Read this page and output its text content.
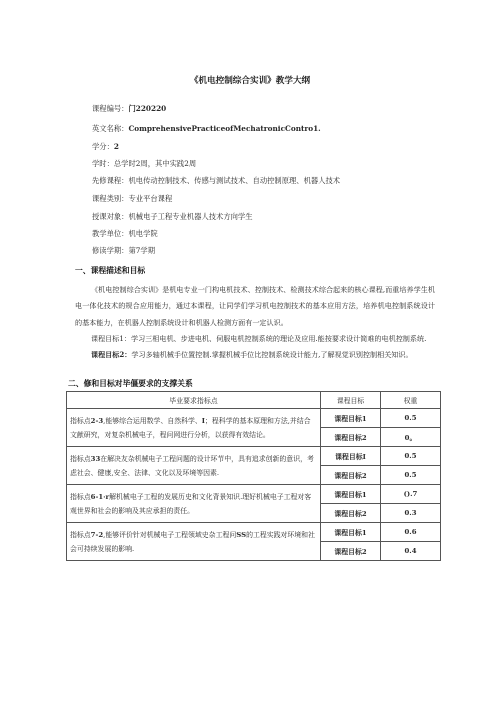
《机电控制综合实训》教学大纲
课程编号：门220220
英文名称：ComprehensivePracticeofMechatronicContro1.
学分：2
学时：总学时2周，其中实践2周
先修课程：机电传动控制技术、传感与测试技术、自动控制原理、机器人技术
课程类别：专业平台课程
授课对象：机械电子工程专业机器人技术方向学生
教学单位：机电学院
修读学期：第7学期
一、课程描述和目标

《机电控制综合实训》是机电专业一门构电机技术、控制技术、检测技术综合起来的核心课程,而重培养学生机电一体化技术的规合应用能力，通过本课程，让同学们学习机电控制技术的基本应用方法，培养机电控制系统设计的基本能力，在机器人控制系统设计和机器人检测方面有一定认识。

课程目标1：学习三相电机、步进电机、伺服电机控制系统的理论及应用.能按要求设计简难的电机控制系统.

课程目标2：学习多轴机械手位置控制.掌握机械手位比控制系统设计能力,了解视觉识别控制相关知识。

二、修和目标对毕僵要求的支撑关系
毕业要求指标点	课程目标	权重
指标点2-3,能够综合运用数学、自然科学、I；程科学的基本原理和方法,并结合文献研究，对复杂机械电子，程问网进行分析，以获得有效结论。	课程目标1	0.5
	课程目标2	0。
指标点33在解决友杂机械电子工程问题的设计环节中，具有追求创新的意识，考虑社会、健康,安全、法律、文化以及环境等因素.	课程目标I	0.5
	课程目标2	0.5
指标点6-1·r解机械电子工程的发展历史和文化背景知识.理好机械电子工程对客观世界和社会的影响及其应承担的责任。	课程目标1	().7
	课程目标2	0.3
指标点7-2,能够评价针对机械电子工程领域史杂工程问SS的工程实践对环境和社会可持续发展的影响.	课程目标1	0.6
	课程目标2	0.4
